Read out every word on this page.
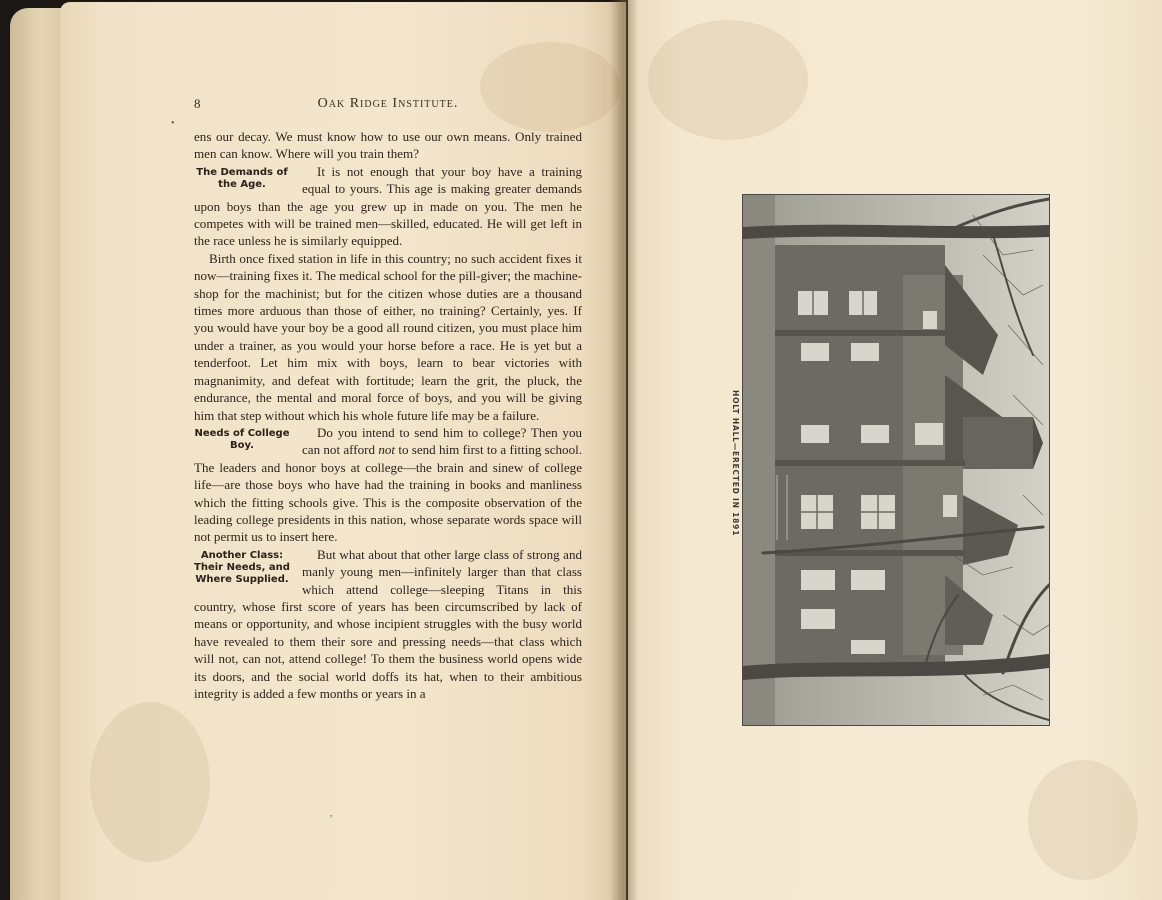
•
,
8	Oak Ridge Institute.

ens our decay. We must know how to use our own means. Only trained men can know. Where will you train them?

The Demands of the Age.

It is not enough that your boy have a training equal to yours. This age is making greater demands upon boys than the age you grew up in made on you. The men he competes with will be trained men—skilled, educated. He will get left in the race unless he is similarly equipped.

Birth once fixed station in life in this country; no such accident fixes it now—training fixes it. The medical school for the pill-giver; the machine-shop for the machinist; but for the citizen whose duties are a thousand times more arduous than those of either, no training? Certainly, yes. If you would have your boy be a good all round citizen, you must place him under a trainer, as you would your horse before a race. He is yet but a tenderfoot. Let him mix with boys, learn to bear victories with magnanimity, and defeat with fortitude; learn the grit, the pluck, the endurance, the mental and moral force of boys, and you will be giving him that step without which his whole future life may be a failure.

Needs of College Boy.

Do you intend to send him to college? Then you can not afford not to send him first to a fitting school. The leaders and honor boys at college—the brain and sinew of college life—are those boys who have had the training in books and manliness which the fitting schools give. This is the composite observation of the leading college presidents in this nation, whose separate words space will not permit us to insert here.

Another Class: Their Needs, and Where Supplied.

But what about that other large class of strong and manly young men—infinitely larger than that class which attend college—sleeping Titans in this country, whose first score of years has been circumscribed by lack of means or opportunity, and whose incipient struggles with the busy world have revealed to them their sore and pressing needs—that class which will not, can not, attend college! To them the business world opens wide its doors, and the social world doffs its hat, when to their ambitious integrity is added a few months or years in a

HOLT HALL—ERECTED IN 1891
